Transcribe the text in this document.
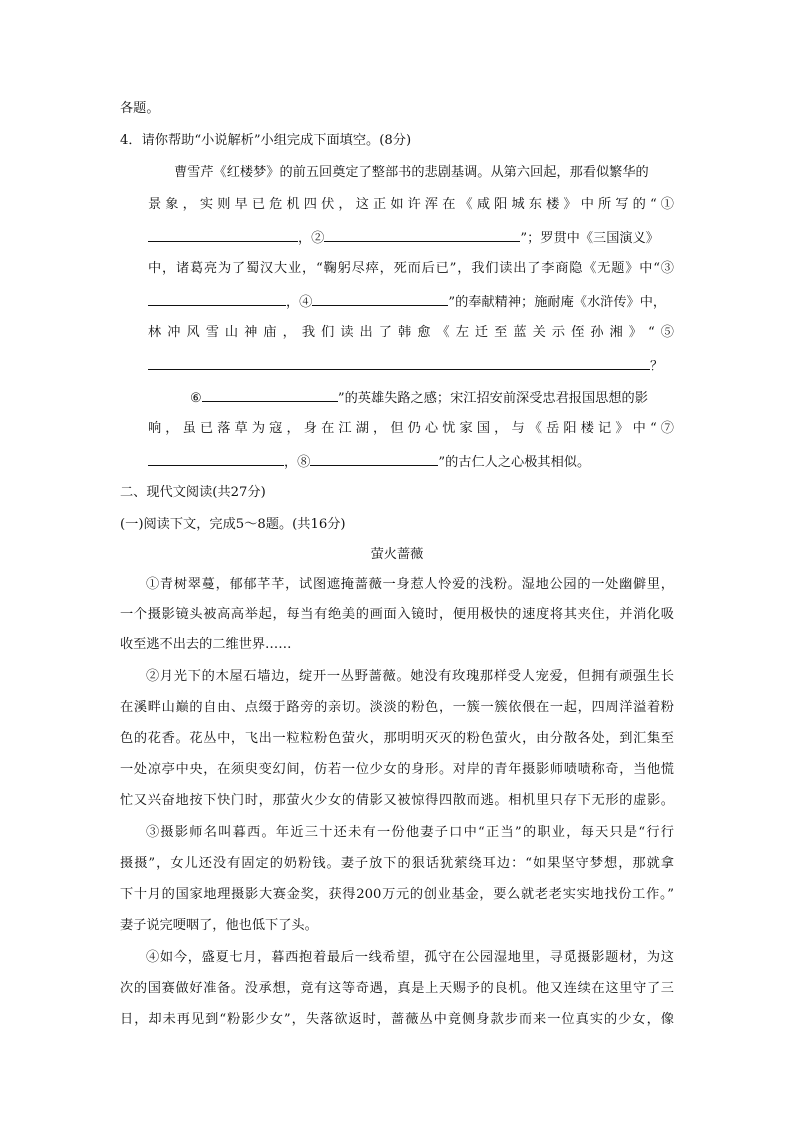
各题。
4．请你帮助“小说解析”小组完成下面填空。(8分)
曹雪芹《红楼梦》的前五回奠定了整部书的悲剧基调。从第六回起，那看似繁华的
景象，实则早已危机四伏，这正如许浑在《咸阳城东楼》中所写的“①
，②	”；罗贯中《三国演义》
中，诸葛亮为了蜀汉大业，“鞠躬尽瘁，死而后已”，我们读出了李商隐《无题》中“③
，④	”的奉献精神；施耐庵《水浒传》中，
林冲风雪山神庙，我们读出了韩愈《左迁至蓝关示侄孙湘》“⑤
？
⑥	”的英雄失路之感；宋江招安前深受忠君报国思想的影
响，虽已落草为寇，身在江湖，但仍心忧家国，与《岳阳楼记》中“⑦
，⑧	”的古仁人之心极其相似。
二、现代文阅读(共27分)
(一)阅读下文，完成5～8题。(共16分)
萤火蔷薇
①青树翠蔓，郁郁芊芊，试图遮掩蔷薇一身惹人怜爱的浅粉。湿地公园的一处幽僻里，
一个摄影镜头被高高举起，每当有绝美的画面入镜时，便用极快的速度将其夹住，并消化吸
收至逃不出去的二维世界……
②月光下的木屋石墙边，绽开一丛野蔷薇。她没有玫瑰那样受人宠爱，但拥有顽强生长
在溪畔山巅的自由、点缀于路旁的亲切。淡淡的粉色，一簇一簇依偎在一起，四周洋溢着粉
色的花香。花丛中，飞出一粒粒粉色萤火，那明明灭灭的粉色萤火，由分散各处，到汇集至
一处凉亭中央，在须臾变幻间，仿若一位少女的身形。对岸的青年摄影师啧啧称奇，当他慌
忙又兴奋地按下快门时，那萤火少女的倩影又被惊得四散而逃。相机里只存下无形的虚影。
③摄影师名叫暮西。年近三十还未有一份他妻子口中“正当”的职业，每天只是“行行
摄摄”，女儿还没有固定的奶粉钱。妻子放下的狠话犹萦绕耳边：“如果坚守梦想，那就拿
下十月的国家地理摄影大赛金奖，获得200万元的创业基金，要么就老老实实地找份工作。”
妻子说完哽咽了，他也低下了头。
④如今，盛夏七月，暮西抱着最后一线希望，孤守在公园湿地里，寻觅摄影题材，为这
次的国赛做好准备。没承想，竟有这等奇遇，真是上天赐予的良机。他又连续在这里守了三
日，却未再见到“粉影少女”，失落欲返时，蔷薇丛中竟侧身款步而来一位真实的少女，像
